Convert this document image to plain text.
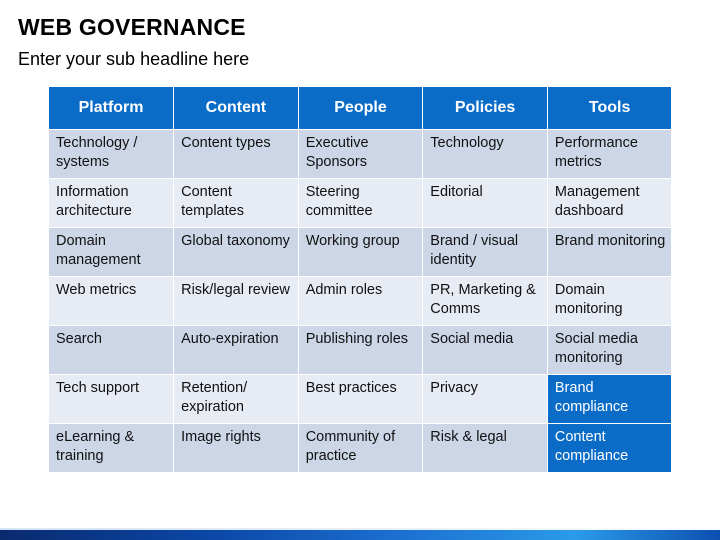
WEB GOVERNANCE
Enter your sub headline here
Platform	Content	People	Policies	Tools
Technology / systems	Content types	Executive Sponsors	Technology	Performance metrics
Information architecture	Content templates	Steering committee	Editorial	Management dashboard
Domain management	Global taxonomy	Working group	Brand / visual identity	Brand monitoring
Web metrics	Risk/legal review	Admin roles	PR, Marketing & Comms	Domain monitoring
Search	Auto-expiration	Publishing roles	Social media	Social media monitoring
Tech support	Retention/ expiration	Best practices	Privacy	Brand compliance
eLearning & training	Image rights	Community of practice	Risk & legal	Content compliance
